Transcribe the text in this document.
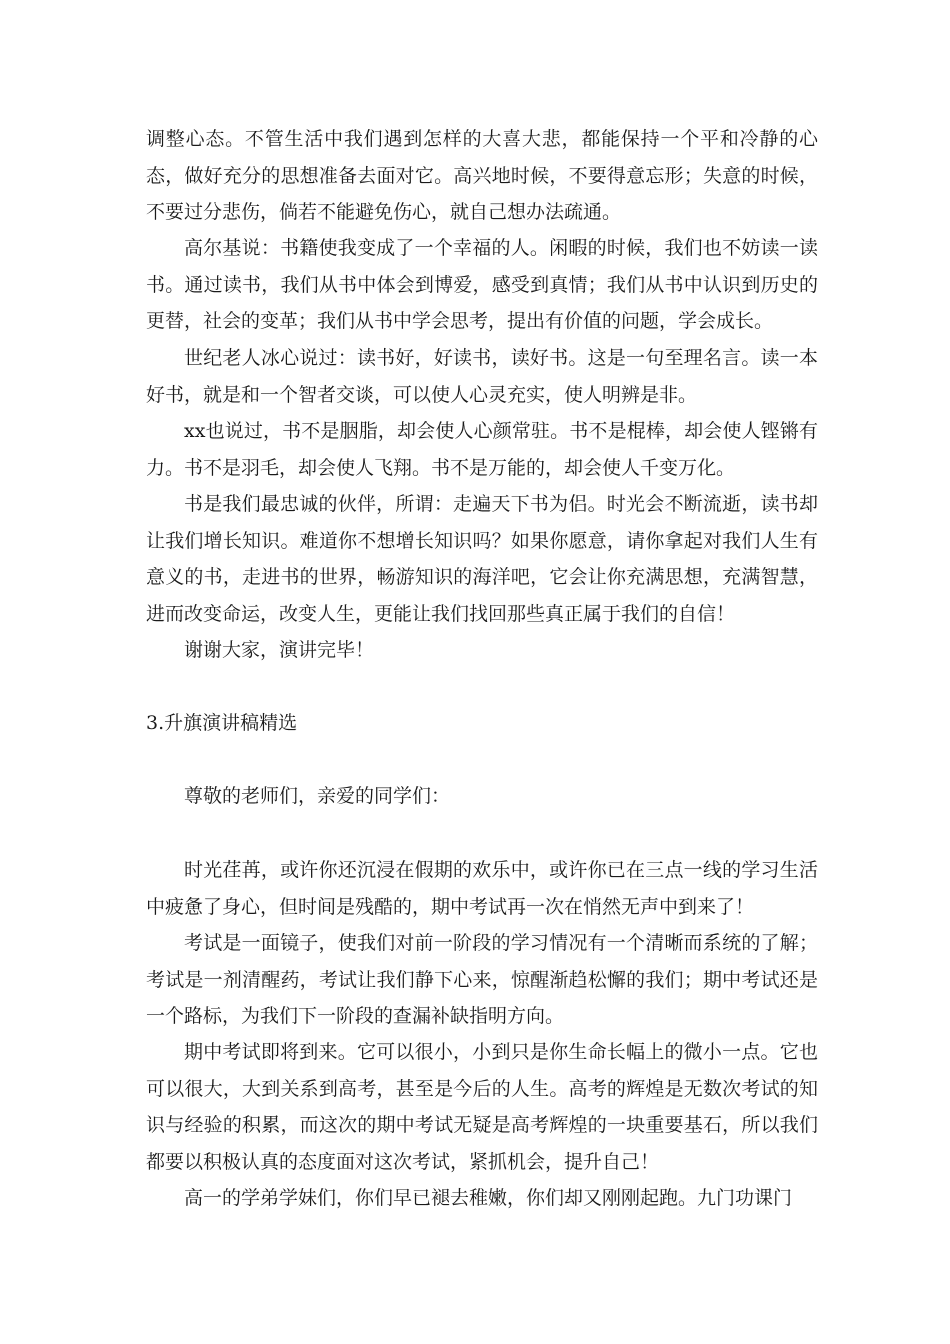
调整心态。不管生活中我们遇到怎样的大喜大悲，都能保持一个平和冷静的心态，做好充分的思想准备去面对它。高兴地时候，不要得意忘形；失意的时候，不要过分悲伤，倘若不能避免伤心，就自己想办法疏通。

高尔基说：书籍使我变成了一个幸福的人。闲暇的时候，我们也不妨读一读书。通过读书，我们从书中体会到博爱，感受到真情；我们从书中认识到历史的更替，社会的变革；我们从书中学会思考，提出有价值的问题，学会成长。

世纪老人冰心说过：读书好，好读书，读好书。这是一句至理名言。读一本好书，就是和一个智者交谈，可以使人心灵充实，使人明辨是非。

xx也说过，书不是胭脂，却会使人心颜常驻。书不是棍棒，却会使人铿锵有力。书不是羽毛，却会使人飞翔。书不是万能的，却会使人千变万化。

书是我们最忠诚的伙伴，所谓：走遍天下书为侣。时光会不断流逝，读书却让我们增长知识。难道你不想增长知识吗？如果你愿意，请你拿起对我们人生有意义的书，走进书的世界，畅游知识的海洋吧，它会让你充满思想，充满智慧，进而改变命运，改变人生，更能让我们找回那些真正属于我们的自信！

谢谢大家，演讲完毕！

3.升旗演讲稿精选

尊敬的老师们，亲爱的同学们：

时光荏苒，或许你还沉浸在假期的欢乐中，或许你已在三点一线的学习生活中疲惫了身心，但时间是残酷的，期中考试再一次在悄然无声中到来了！

考试是一面镜子，使我们对前一阶段的学习情况有一个清晰而系统的了解；考试是一剂清醒药，考试让我们静下心来，惊醒渐趋松懈的我们；期中考试还是一个路标，为我们下一阶段的查漏补缺指明方向。

期中考试即将到来。它可以很小，小到只是你生命长幅上的微小一点。它也可以很大，大到关系到高考，甚至是今后的人生。高考的辉煌是无数次考试的知识与经验的积累，而这次的期中考试无疑是高考辉煌的一块重要基石，所以我们都要以积极认真的态度面对这次考试，紧抓机会，提升自己！

高一的学弟学妹们，你们早已褪去稚嫩，你们却又刚刚起跑。九门功课门
